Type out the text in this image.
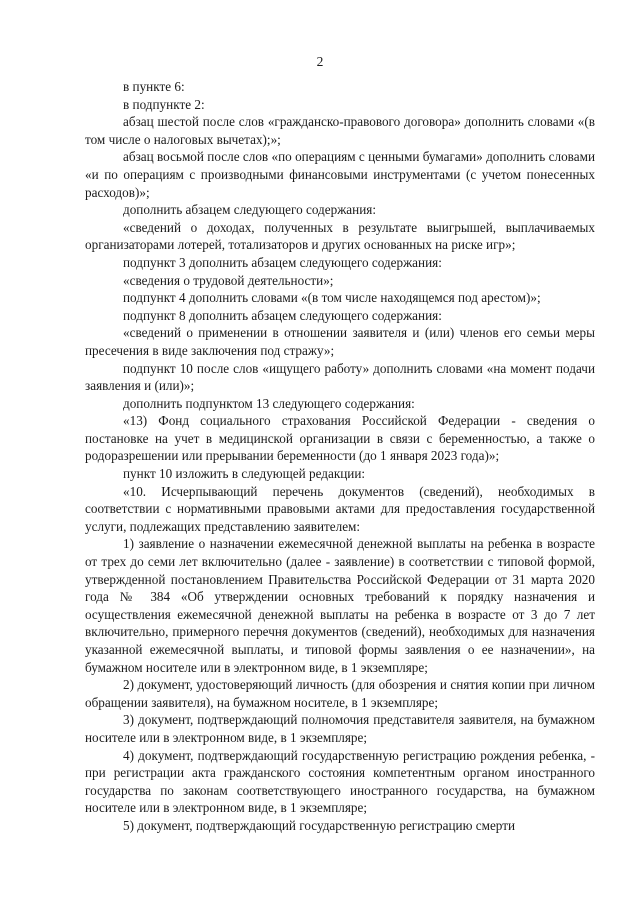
2

в пункте 6:

в подпункте 2:

абзац шестой после слов «гражданско-правового договора» дополнить словами «(в том числе о налоговых вычетах);»;

абзац восьмой после слов «по операциям с ценными бумагами» дополнить словами «и по операциям с производными финансовыми инструментами (с учетом понесенных расходов)»;

дополнить абзацем следующего содержания:

«сведений о доходах, полученных в результате выигрышей, выплачиваемых организаторами лотерей, тотализаторов и других основанных на риске игр»;

подпункт 3 дополнить абзацем следующего содержания:

«сведения о трудовой деятельности»;

подпункт 4 дополнить словами «(в том числе находящемся под арестом)»;

подпункт 8 дополнить абзацем следующего содержания:

«сведений о применении в отношении заявителя и (или) членов его семьи меры пресечения в виде заключения под стражу»;

подпункт 10 после слов «ищущего работу» дополнить словами «на момент подачи заявления и (или)»;

дополнить подпунктом 13 следующего содержания:

«13) Фонд социального страхования Российской Федерации - сведения о постановке на учет в медицинской организации в связи с беременностью, а также о родоразрешении или прерывании беременности (до 1 января 2023 года)»;

пункт 10 изложить в следующей редакции:

«10. Исчерпывающий перечень документов (сведений), необходимых в соответствии с нормативными правовыми актами для предоставления государственной услуги, подлежащих представлению заявителем:

1) заявление о назначении ежемесячной денежной выплаты на ребенка в возрасте от трех до семи лет включительно (далее - заявление) в соответствии с типовой формой, утвержденной постановлением Правительства Российской Федерации от 31 марта 2020 года № 384 «Об утверждении основных требований к порядку назначения и осуществления ежемесячной денежной выплаты на ребенка в возрасте от 3 до 7 лет включительно, примерного перечня документов (сведений), необходимых для назначения указанной ежемесячной выплаты, и типовой формы заявления о ее назначении», на бумажном носителе или в электронном виде, в 1 экземпляре;

2) документ, удостоверяющий личность (для обозрения и снятия копии при личном обращении заявителя), на бумажном носителе, в 1 экземпляре;

3) документ, подтверждающий полномочия представителя заявителя, на бумажном носителе или в электронном виде, в 1 экземпляре;

4) документ, подтверждающий государственную регистрацию рождения ребенка, - при регистрации акта гражданского состояния компетентным органом иностранного государства по законам соответствующего иностранного государства, на бумажном носителе или в электронном виде, в 1 экземпляре;

5) документ, подтверждающий государственную регистрацию смерти
